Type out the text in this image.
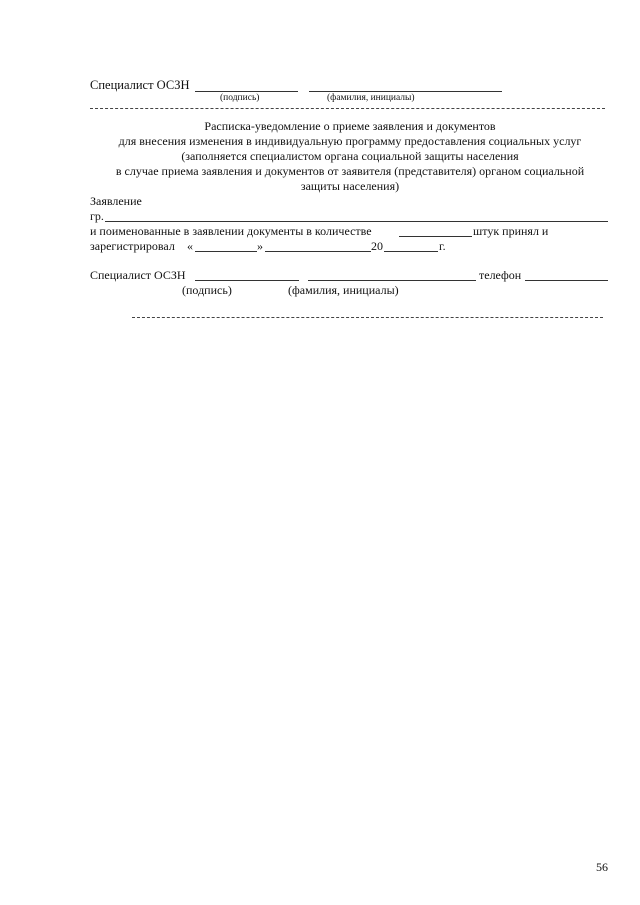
Специалист ОСЗН
(подпись)	(фамилия, инициалы)
Расписка-уведомление о приеме заявления и документов
для внесения изменения в индивидуальную программу предоставления социальных услуг
(заполняется специалистом органа социальной защиты населения
в случае приема заявления и документов от заявителя (представителя) органом социальной
защиты населения)
Заявление
гр.
и поименованные в заявлении документы в количестве	штук принял и
зарегистрировал «	»	20	г.
Специалист ОСЗН	телефон
(подпись)	(фамилия, инициалы)
56
